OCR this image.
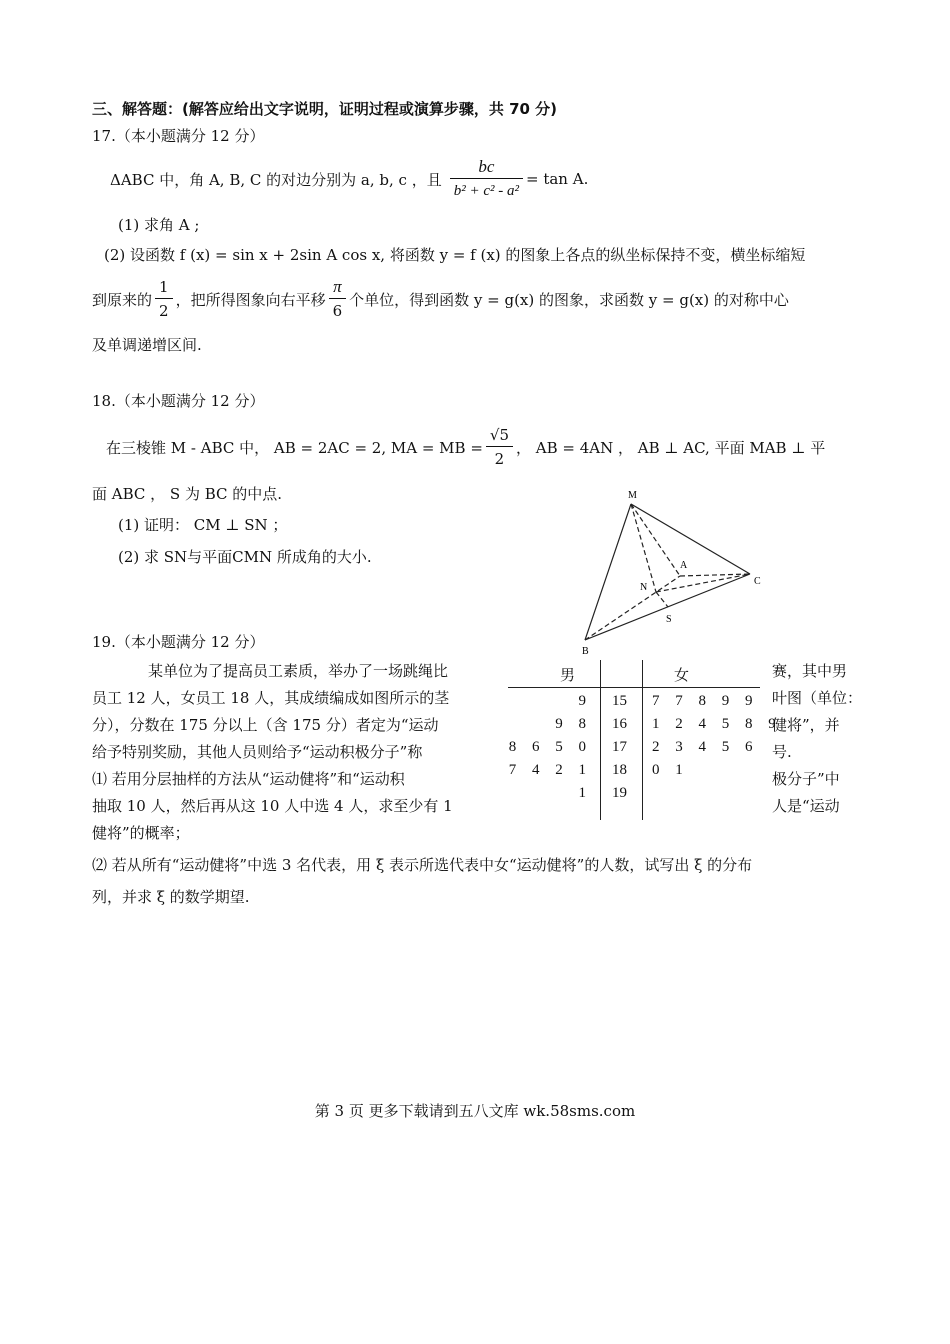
三、解答题：(解答应给出文字说明，证明过程或演算步骤，共 70 分)
17.（本小题满分 12 分）
ΔABC 中，角 A, B, C 的对边分别为 a, b, c ，且 $\frac{bc}{\text{b² + c² - a²}} = \tan A$.
(1) 求角 A ;
(2) 设函数 f (x) = sin x + 2sin A cos x, 将函数 y = f (x) 的图象上各点的纵坐标保持不变，横坐标缩短
到原来的 $\frac{1}{2}$ ，把所得图象向右平移 $\frac{\pi}{6}$ 个单位，得到函数 y = g(x) 的图象，求函数 y = g(x) 的对称中心
及单调递增区间.
18.（本小题满分 12 分）
在三棱锥 M - ABC 中， AB = 2AC = 2, MA = MB = $\frac{√5}{2}$ ， AB = 4AN ， AB ⊥ AC, 平面 MAB ⊥ 平
面 ABC ， S 为 BC 的中点.
(1) 证明： CM ⊥ SN ；
(2) 求 SN与平面CMN 所成角的大小.
M
A
N
C
S
B
19.（本小题满分 12 分）
某单位为了提高员工素质，举办了一场跳绳比
员工 12 人，女员工 18 人，其成绩编成如图所示的茎
分），分数在 175 分以上（含 175 分）者定为“运动
给予特别奖励，其他人员则给予“运动积极分子”称
⑴ 若用分层抽样的方法从“运动健将”和“运动积
抽取 10 人，然后再从这 10 人中选 4 人，求至少有 1
健将”的概率；
赛，其中男
叶图（单位：
健将”，并
号.
极分子”中
人是“运动
男	女
9 15 7 7 8 9 9
9 8 16 1 2 4 5 8 9
8 6 5 0 17 2 3 4 5 6
7 4 2 1 18 0 1
1 19
⑵ 若从所有“运动健将”中选 3 名代表，用 ξ 表示所选代表中女“运动健将”的人数，试写出 ξ 的分布
列，并求 ξ 的数学期望.
第 3 页 更多下载请到五八文库 wk.58sms.com
